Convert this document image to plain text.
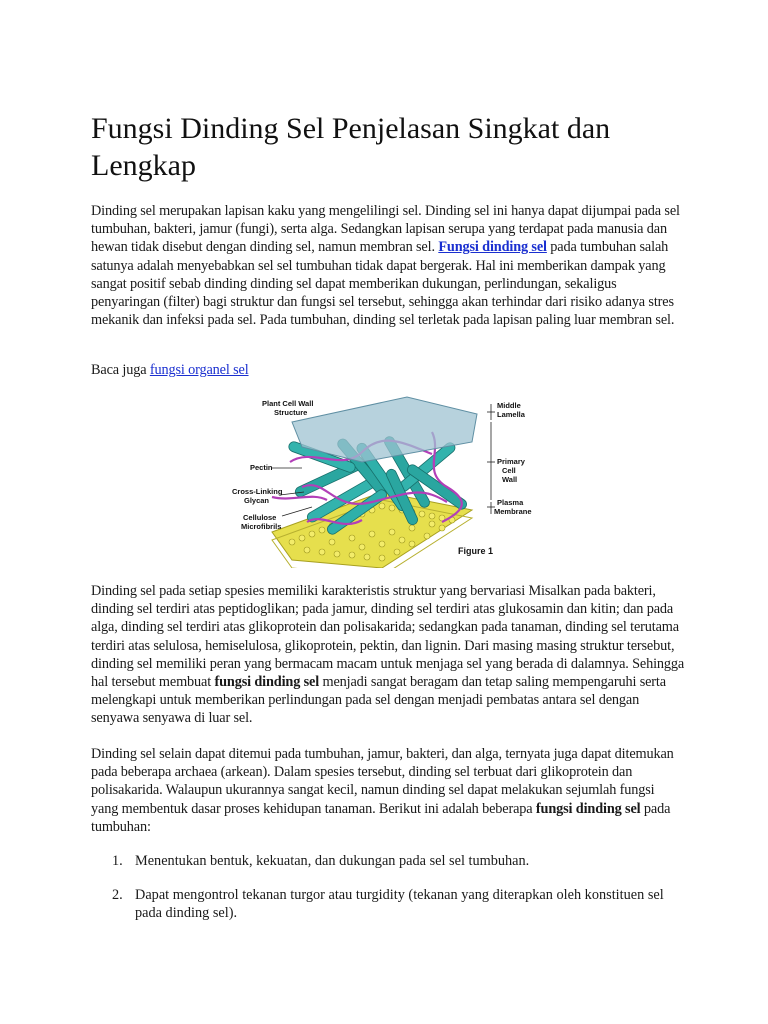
Fungsi Dinding Sel Penjelasan Singkat dan Lengkap

Dinding sel merupakan lapisan kaku yang mengelilingi sel. Dinding sel ini hanya dapat dijumpai pada sel tumbuhan, bakteri, jamur (fungi), serta alga. Sedangkan lapisan serupa yang terdapat pada manusia dan hewan tidak disebut dengan dinding sel, namun membran sel. Fungsi dinding sel pada tumbuhan salah satunya adalah menyebabkan sel sel tumbuhan tidak dapat bergerak. Hal ini memberikan dampak yang sangat positif sebab dinding dinding sel dapat memberikan dukungan, perlindungan, sekaligus penyaringan (filter) bagi struktur dan fungsi sel tersebut, sehingga akan terhindar dari risiko adanya stres mekanik dan infeksi pada sel. Pada tumbuhan, dinding sel terletak pada lapisan paling luar membran sel.

Baca juga fungsi organel sel

Dinding sel pada setiap spesies memiliki karakteristis struktur yang bervariasi Misalkan pada bakteri, dinding sel terdiri atas peptidoglikan; pada jamur, dinding sel terdiri atas glukosamin dan kitin; dan pada alga, dinding sel terdiri atas glikoprotein dan polisakarida; sedangkan pada tanaman, dinding sel terutama terdiri atas selulosa, hemiselulosa, glikoprotein, pektin, dan lignin. Dari masing masing struktur tersebut, dinding sel memiliki peran yang bermacam macam untuk menjaga sel yang berada di dalamnya. Sehingga hal tersebut membuat fungsi dinding sel menjadi sangat beragam dan tetap saling mempengaruhi serta melengkapi untuk memberikan perlindungan pada sel dengan menjadi pembatas antara sel dengan senyawa senyawa di luar sel.

Dinding sel selain dapat ditemui pada tumbuhan, jamur, bakteri, dan alga, ternyata juga dapat ditemukan pada beberapa archaea (arkean). Dalam spesies tersebut, dinding sel terbuat dari glikoprotein dan polisakarida. Walaupun ukurannya sangat kecil, namun dinding sel dapat melakukan sejumlah fungsi yang membentuk dasar proses kehidupan tanaman. Berikut ini adalah beberapa fungsi dinding sel pada tumbuhan:

1. Menentukan bentuk, kekuatan, dan dukungan pada sel sel tumbuhan.
2. Dapat mengontrol tekanan turgor atau turgidity (tekanan yang diterapkan oleh konstituen sel pada dinding sel).
Plant Cell Wall
Structure
Pectin
Cross-Linking
Glycan
Cellulose
Microfibrils
Middle
Lamella
Primary
Cell
Wall
Plasma
Membrane
Figure 1
